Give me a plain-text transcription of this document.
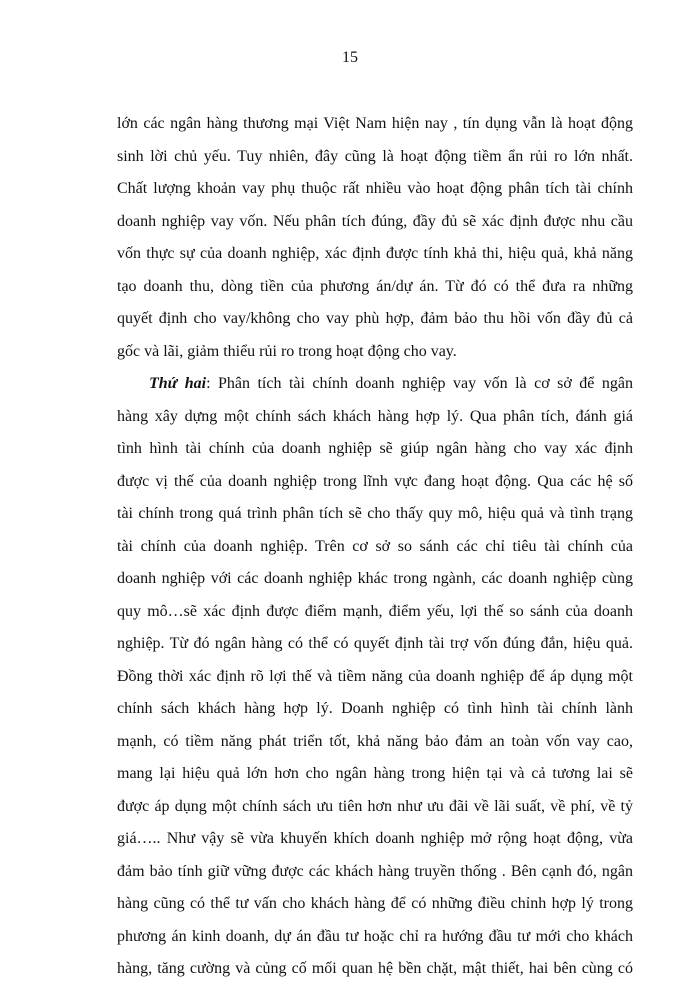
15
lớn các ngân hàng thương mại Việt Nam hiện nay , tín dụng vẫn là hoạt động
sinh lời chủ yếu. Tuy nhiên, đây cũng là hoạt động tiềm ẩn rủi ro lớn nhất.
Chất lượng khoản vay phụ thuộc rất nhiều vào hoạt động phân tích tài chính
doanh nghiệp vay vốn. Nếu phân tích đúng, đầy đủ sẽ xác định được nhu cầu
vốn thực sự của doanh nghiệp, xác định được tính khả thi, hiệu quả, khả năng
tạo doanh thu, dòng tiền của phương án/dự án. Từ đó có thể đưa ra những
quyết định cho vay/không cho vay phù hợp, đảm bảo thu hồi vốn đầy đủ cả
gốc và lãi, giảm thiểu rủi ro trong hoạt động cho vay.
Thứ hai: Phân tích tài chính doanh nghiệp vay vốn là cơ sở để ngân
hàng xây dựng một chính sách khách hàng hợp lý. Qua phân tích, đánh giá
tình hình tài chính của doanh nghiệp sẽ giúp ngân hàng cho vay xác định
được vị thế của doanh nghiệp trong lĩnh vực đang hoạt động. Qua các hệ số
tài chính trong quá trình phân tích sẽ cho thấy quy mô, hiệu quả và tình trạng
tài chính của doanh nghiệp. Trên cơ sở so sánh các chỉ tiêu tài chính của
doanh nghiệp với các doanh nghiệp khác trong ngành, các doanh nghiệp cùng
quy mô…sẽ xác định được điểm mạnh, điểm yếu, lợi thế so sánh của doanh
nghiệp. Từ đó ngân hàng có thể có quyết định tài trợ vốn đúng đắn, hiệu quả.
Đồng thời xác định rõ lợi thế và tiềm năng của doanh nghiệp để áp dụng một
chính sách khách hàng hợp lý. Doanh nghiệp có tình hình tài chính lành
mạnh, có tiềm năng phát triển tốt, khả năng bảo đảm an toàn vốn vay cao,
mang lại hiệu quả lớn hơn cho ngân hàng trong hiện tại và cả tương lai sẽ
được áp dụng một chính sách ưu tiên hơn như ưu đãi về lãi suất, về phí, về tỷ
giá….. Như vậy sẽ vừa khuyến khích doanh nghiệp mở rộng hoạt động, vừa
đảm bảo tính giữ vững được các khách hàng truyền thống . Bên cạnh đó, ngân
hàng cũng có thể tư vấn cho khách hàng để có những điều chỉnh hợp lý trong
phương án kinh doanh, dự án đầu tư hoặc chỉ ra hướng đầu tư mới cho khách
hàng, tăng cường và củng cố mối quan hệ bền chặt, mật thiết, hai bên cùng có
